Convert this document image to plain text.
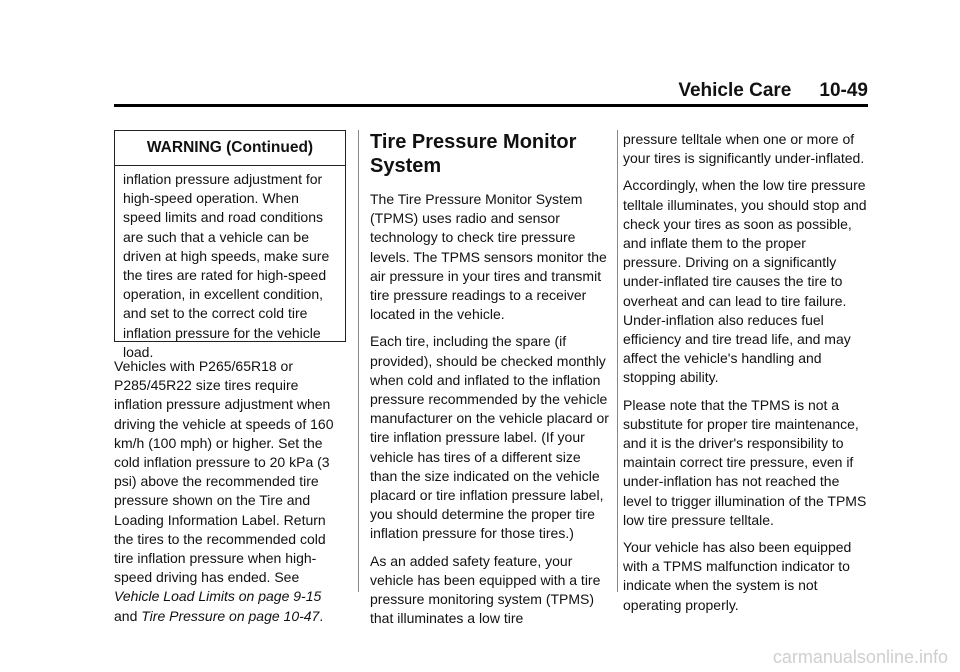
Vehicle Care 10-49
WARNING (Continued)
inflation pressure adjustment for high-speed operation. When speed limits and road conditions are such that a vehicle can be driven at high speeds, make sure the tires are rated for high-speed operation, in excellent condition, and set to the correct cold tire inflation pressure for the vehicle load.

Vehicles with P265/65R18 or P285/45R22 size tires require inflation pressure adjustment when driving the vehicle at speeds of 160 km/h (100 mph) or higher. Set the cold inflation pressure to 20 kPa (3 psi) above the recommended tire pressure shown on the Tire and Loading Information Label. Return the tires to the recommended cold tire inflation pressure when high-speed driving has ended. See Vehicle Load Limits on page 9-15 and Tire Pressure on page 10-47.

Tire Pressure Monitor System

The Tire Pressure Monitor System (TPMS) uses radio and sensor technology to check tire pressure levels. The TPMS sensors monitor the air pressure in your tires and transmit tire pressure readings to a receiver located in the vehicle.

Each tire, including the spare (if provided), should be checked monthly when cold and inflated to the inflation pressure recommended by the vehicle manufacturer on the vehicle placard or tire inflation pressure label. (If your vehicle has tires of a different size than the size indicated on the vehicle placard or tire inflation pressure label, you should determine the proper tire inflation pressure for those tires.)

As an added safety feature, your vehicle has been equipped with a tire pressure monitoring system (TPMS) that illuminates a low tire

pressure telltale when one or more of your tires is significantly under-inflated.

Accordingly, when the low tire pressure telltale illuminates, you should stop and check your tires as soon as possible, and inflate them to the proper pressure. Driving on a significantly under-inflated tire causes the tire to overheat and can lead to tire failure. Under-inflation also reduces fuel efficiency and tire tread life, and may affect the vehicle's handling and stopping ability.

Please note that the TPMS is not a substitute for proper tire maintenance, and it is the driver's responsibility to maintain correct tire pressure, even if under-inflation has not reached the level to trigger illumination of the TPMS low tire pressure telltale.

Your vehicle has also been equipped with a TPMS malfunction indicator to indicate when the system is not operating properly.

carmanualsonline.info
